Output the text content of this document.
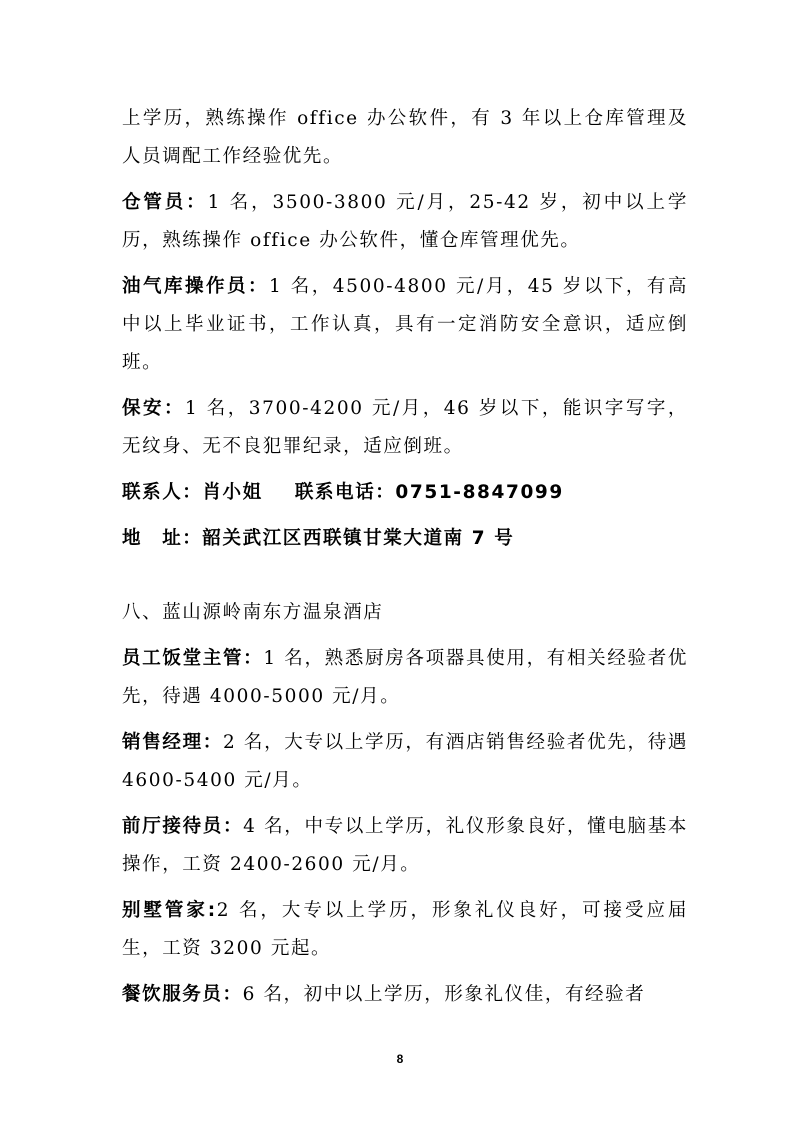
上学历，熟练操作 office 办公软件，有 3 年以上仓库管理及人员调配工作经验优先。

仓管员：1 名，3500-3800 元/月，25-42 岁，初中以上学历，熟练操作 office 办公软件，懂仓库管理优先。

油气库操作员：1 名，4500-4800 元/月，45 岁以下，有高中以上毕业证书，工作认真，具有一定消防安全意识，适应倒班。

保安：1 名，3700-4200 元/月，46 岁以下，能识字写字，无纹身、无不良犯罪纪录，适应倒班。

联系人：肖小姐 联系电话：0751-8847099

地　址：韶关武江区西联镇甘棠大道南 7 号

八、蓝山源岭南东方温泉酒店

员工饭堂主管：1 名，熟悉厨房各项器具使用，有相关经验者优先，待遇 4000-5000 元/月。

销售经理：2 名，大专以上学历，有酒店销售经验者优先，待遇 4600-5400 元/月。

前厅接待员：4 名，中专以上学历，礼仪形象良好，懂电脑基本操作，工资 2400-2600 元/月。

别墅管家:2 名，大专以上学历，形象礼仪良好，可接受应届生，工资 3200 元起。

餐饮服务员：6 名，初中以上学历，形象礼仪佳，有经验者

8
